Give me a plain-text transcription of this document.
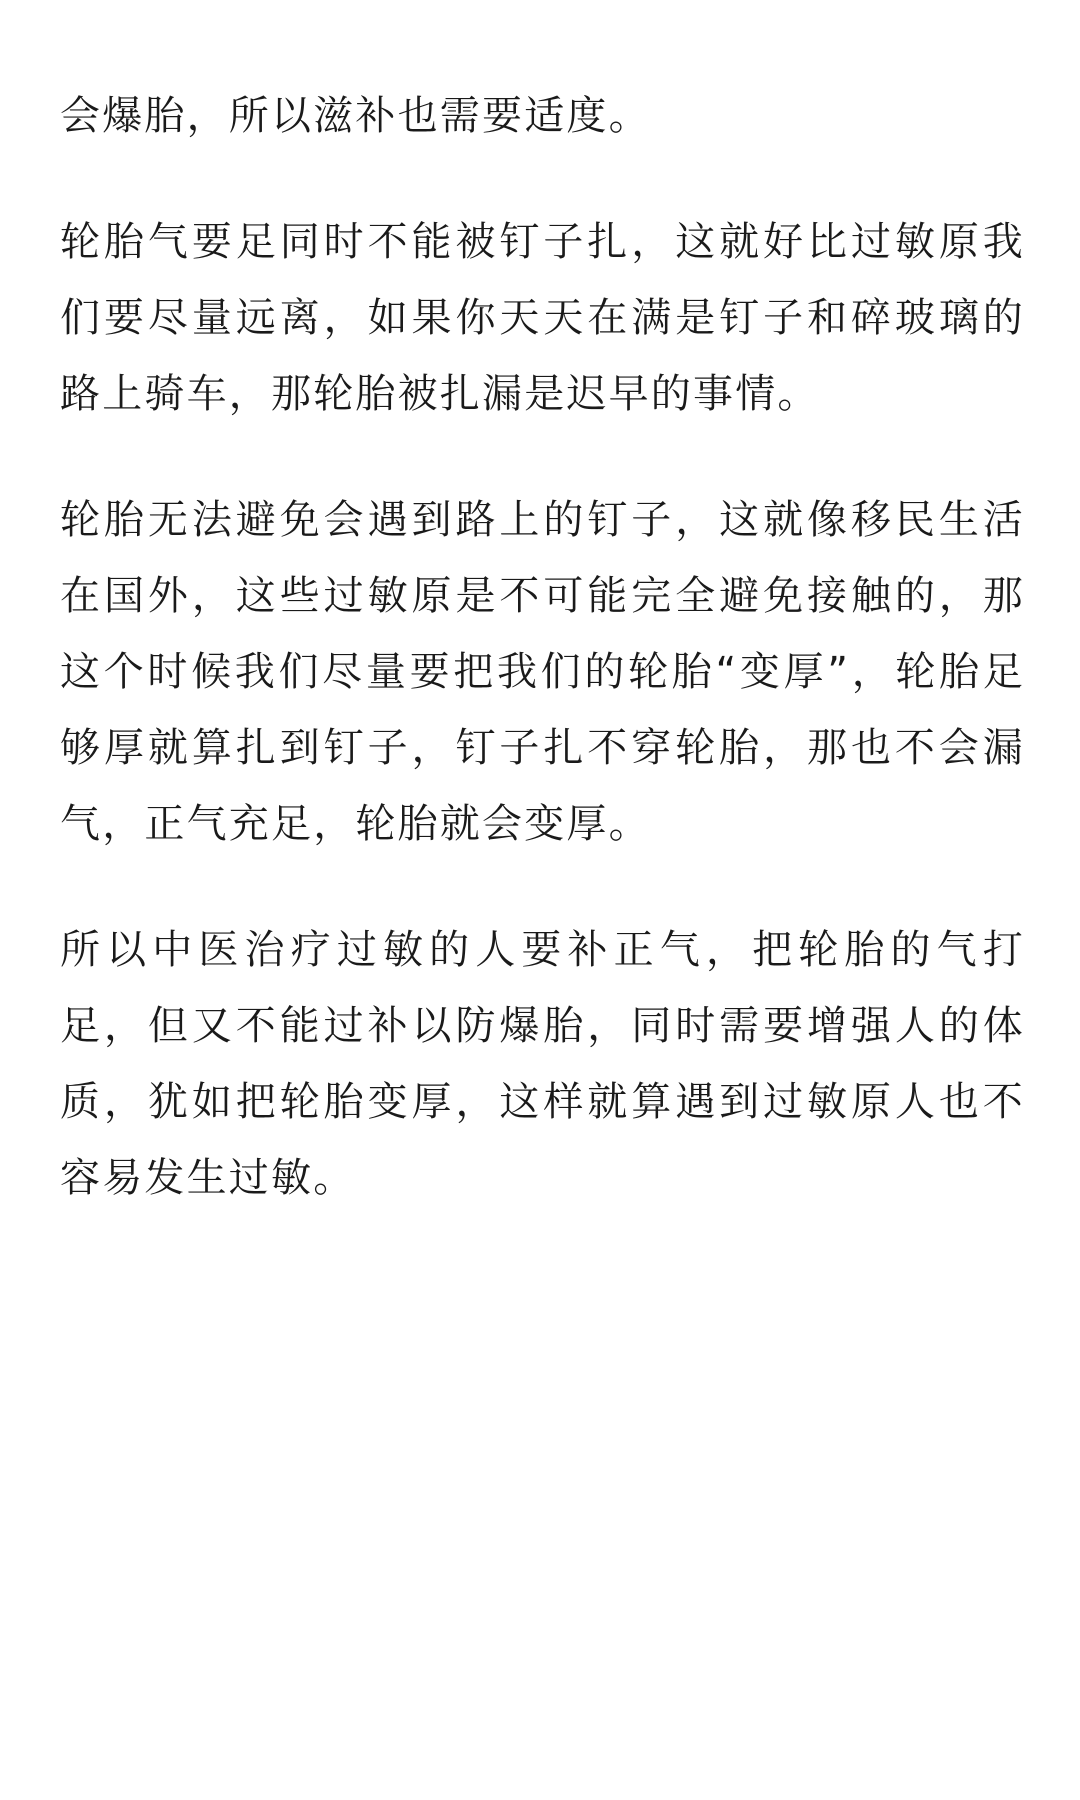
会爆胎，所以滋补也需要适度。

轮胎气要足同时不能被钉子扎，这就好比过敏原我们要尽量远离，如果你天天在满是钉子和碎玻璃的路上骑车，那轮胎被扎漏是迟早的事情。

轮胎无法避免会遇到路上的钉子，这就像移民生活在国外，这些过敏原是不可能完全避免接触的，那这个时候我们尽量要把我们的轮胎“变厚”，轮胎足够厚就算扎到钉子，钉子扎不穿轮胎，那也不会漏气，正气充足，轮胎就会变厚。

所以中医治疗过敏的人要补正气，把轮胎的气打足，但又不能过补以防爆胎，同时需要增强人的体质，犹如把轮胎变厚，这样就算遇到过敏原人也不容易发生过敏。
